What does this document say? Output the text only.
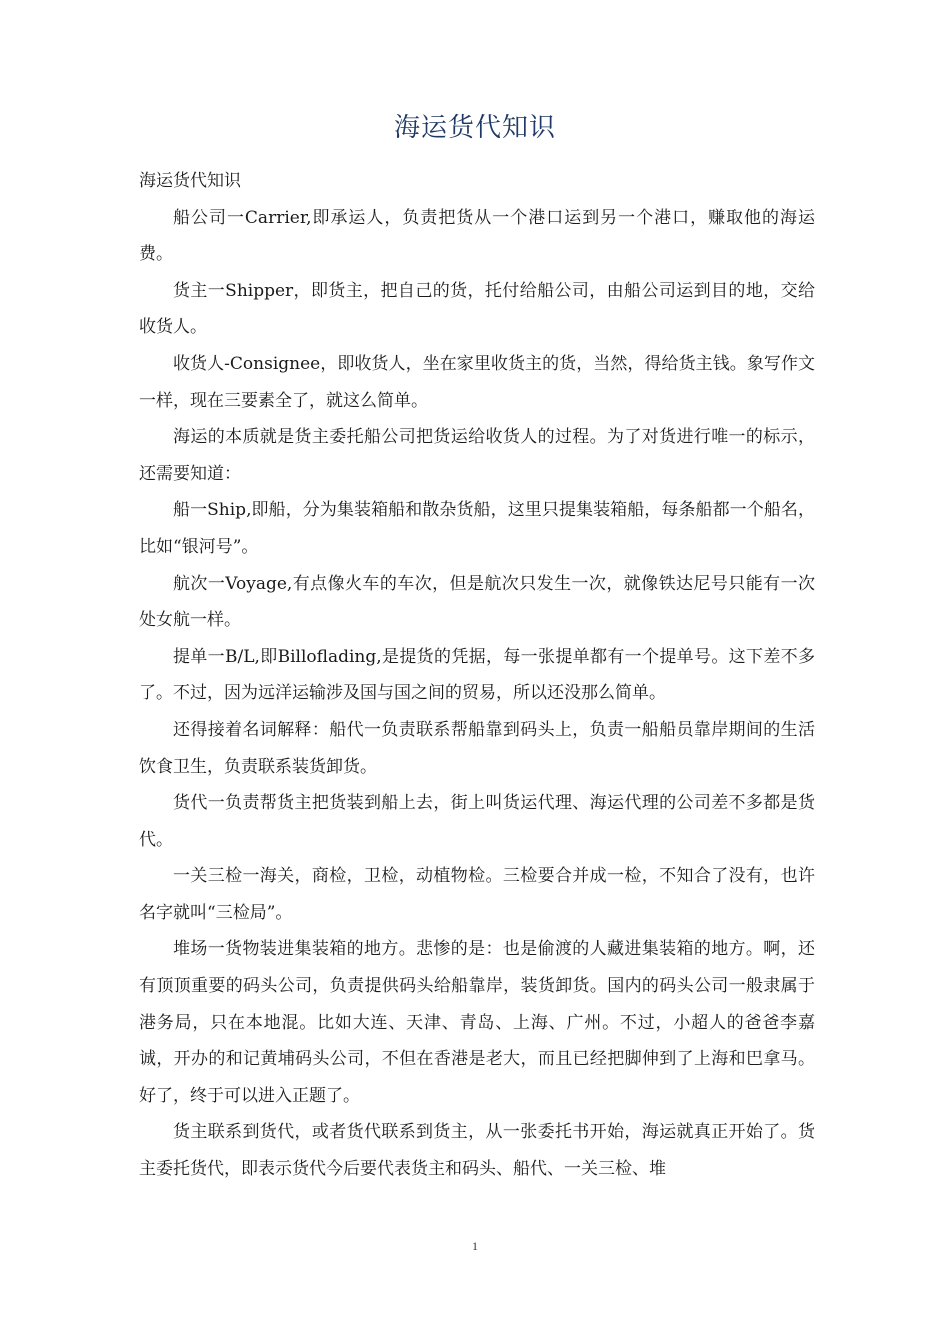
海运货代知识

海运货代知识

船公司一Carrier,即承运人，负责把货从一个港口运到另一个港口，赚取他的海运费。

货主一Shipper，即货主，把自己的货，托付给船公司，由船公司运到目的地，交给收货人。

收货人-Consignee，即收货人，坐在家里收货主的货，当然，得给货主钱。象写作文一样，现在三要素全了，就这么简单。

海运的本质就是货主委托船公司把货运给收货人的过程。为了对货进行唯一的标示，还需要知道：

船一Ship,即船，分为集装箱船和散杂货船，这里只提集装箱船，每条船都一个船名，比如“银河号”。

航次一Voyage,有点像火车的车次，但是航次只发生一次，就像铁达尼号只能有一次处女航一样。

提单一B/L,即Billoflading,是提货的凭据，每一张提单都有一个提单号。这下差不多了。不过，因为远洋运输涉及国与国之间的贸易，所以还没那么简单。

还得接着名词解释：船代一负责联系帮船靠到码头上，负责一船船员靠岸期间的生活饮食卫生，负责联系装货卸货。

货代一负责帮货主把货装到船上去，街上叫货运代理、海运代理的公司差不多都是货代。

一关三检一海关，商检，卫检，动植物检。三检要合并成一检，不知合了没有，也许名字就叫“三检局”。

堆场一货物装进集装箱的地方。悲惨的是：也是偷渡的人藏进集装箱的地方。啊，还有顶顶重要的码头公司，负责提供码头给船靠岸，装货卸货。国内的码头公司一般隶属于港务局，只在本地混。比如大连、天津、青岛、上海、广州。不过，小超人的爸爸李嘉诚，开办的和记黄埔码头公司，不但在香港是老大，而且已经把脚伸到了上海和巴拿马。好了，终于可以进入正题了。

货主联系到货代，或者货代联系到货主，从一张委托书开始，海运就真正开始了。货主委托货代，即表示货代今后要代表货主和码头、船代、一关三检、堆

1
